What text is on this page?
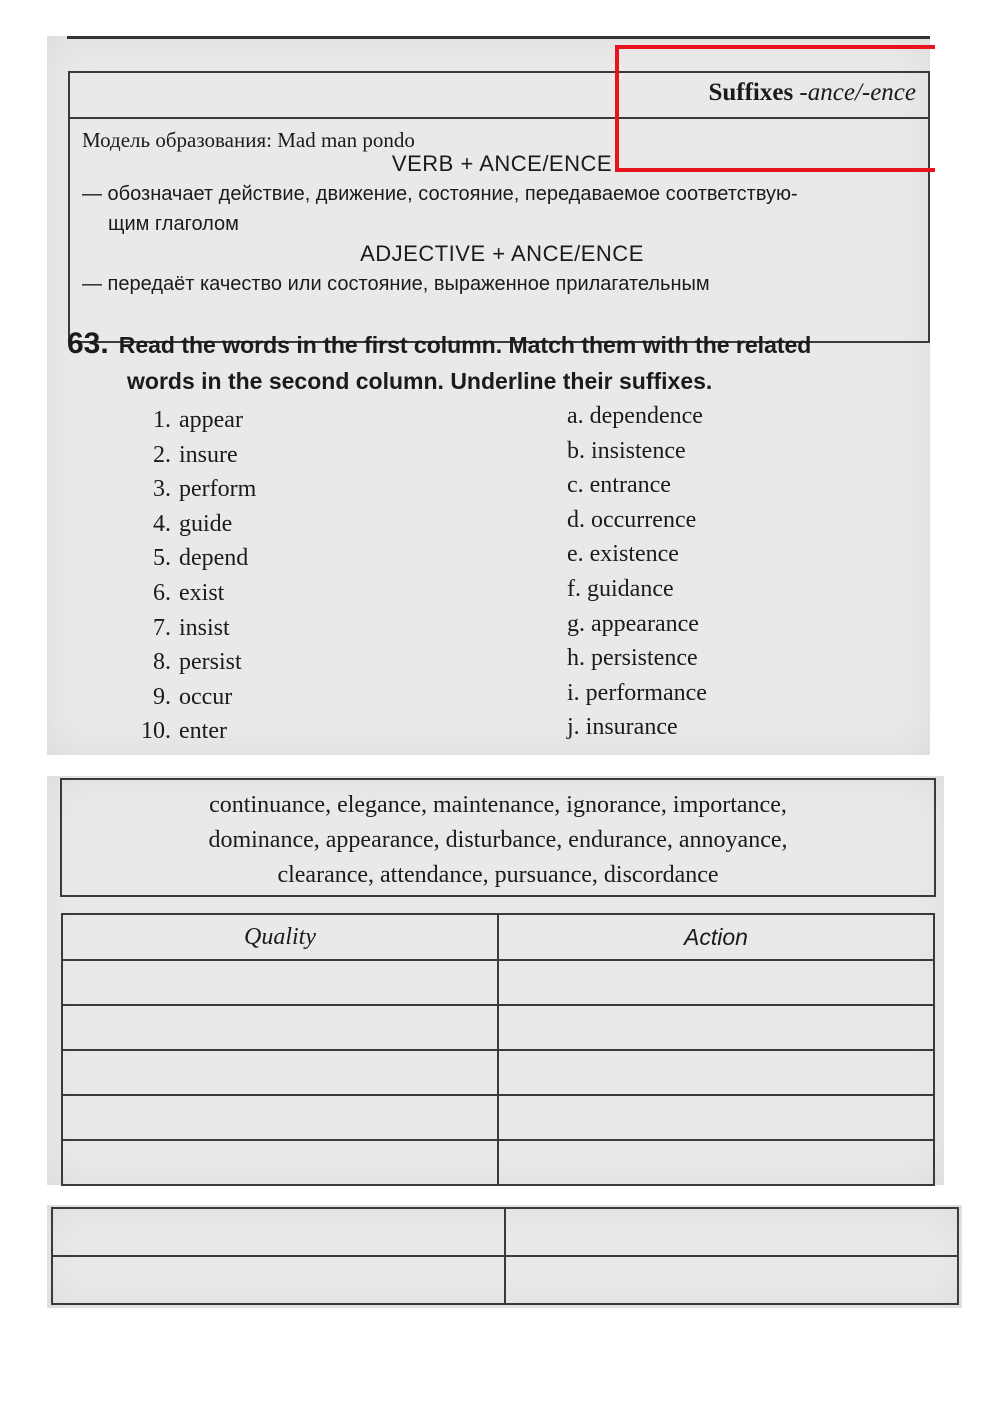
Suffixes -ance/-ence
Модель образования: Mad man pondo
VERB + ANCE/ENCE
— обозначает действие, движение, состояние, передаваемое соответствую-
щим глаголом
ADJECTIVE + ANCE/ENCE
— передаёт качество или состояние, выраженное прилагательным
63. Read the words in the first column. Match them with the related
words in the second column. Underline their suffixes.
1. appear
2. insure
3. perform
4. guide
5. depend
6. exist
7. insist
8. persist
9. occur
10. enter
a. dependence
b. insistence
c. entrance
d. occurrence
e. existence
f. guidance
g. appearance
h. persistence
i. performance
j. insurance
continuance, elegance, maintenance, ignorance, importance,
dominance, appearance, disturbance, endurance, annoyance,
clearance, attendance, pursuance, discordance
Quality	Action
